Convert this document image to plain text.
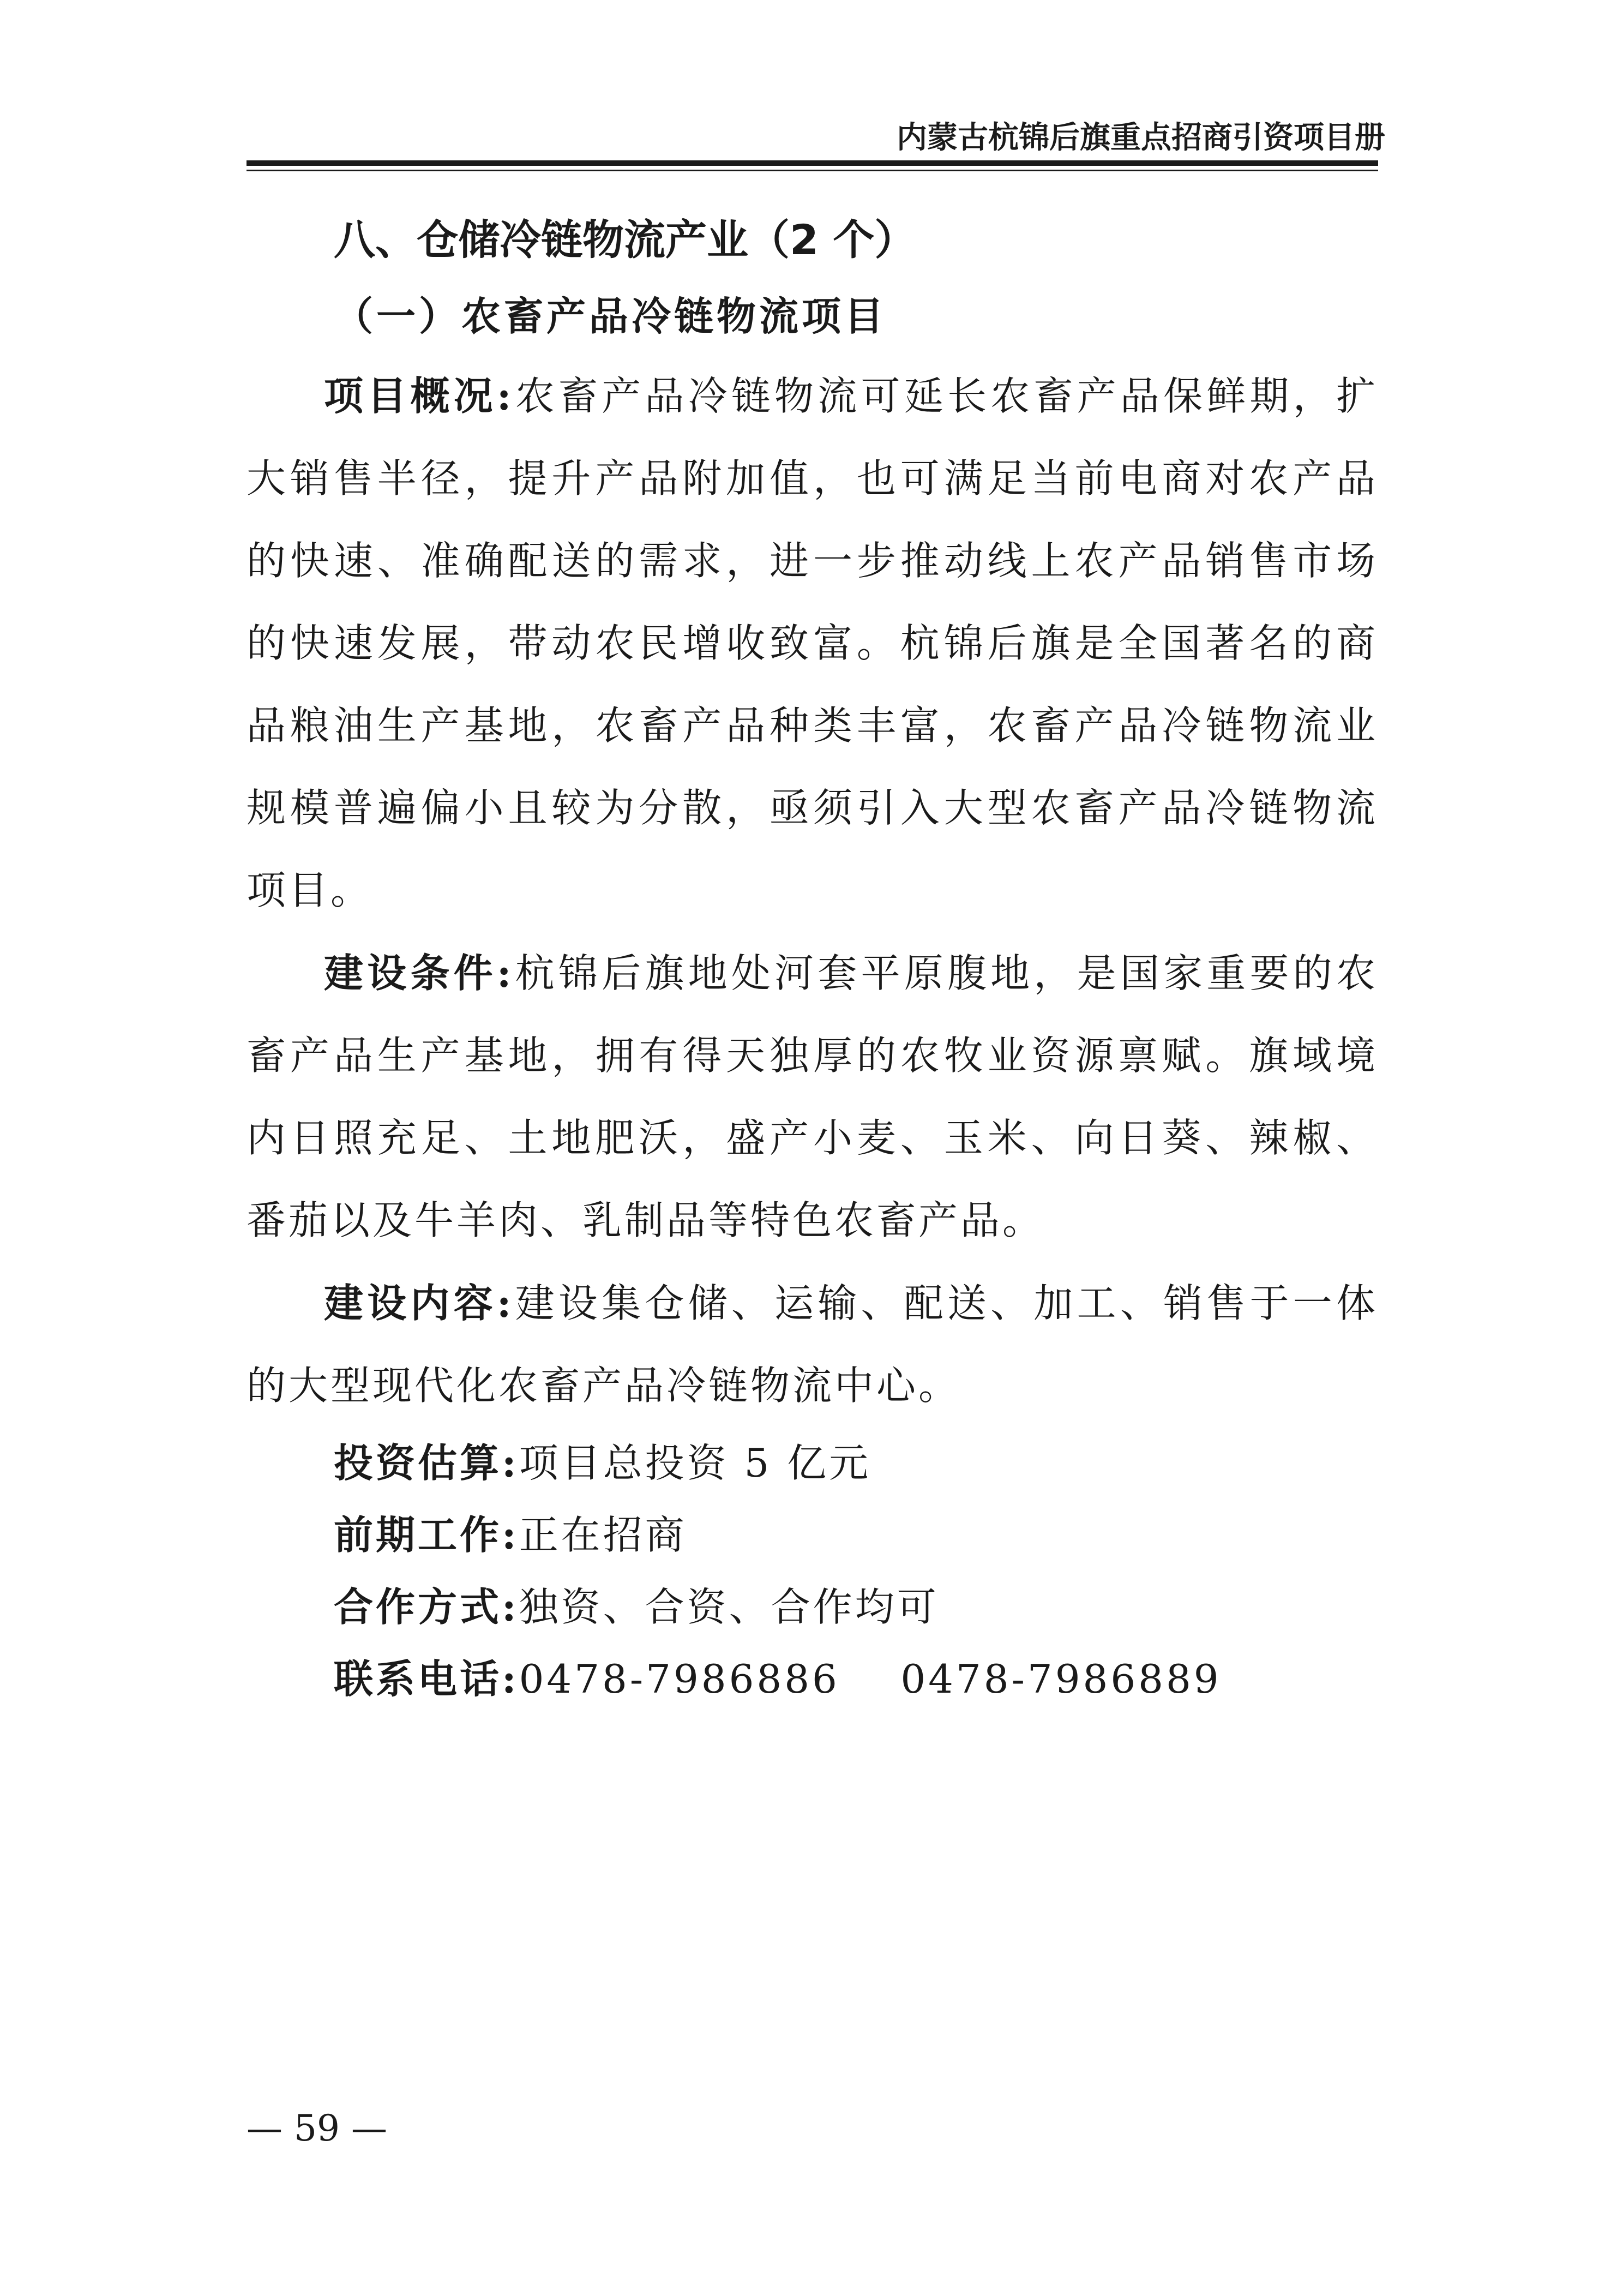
内蒙古杭锦后旗重点招商引资项目册
八、仓储冷链物流产业（2 个）
（一）农畜产品冷链物流项目

项目概况:农畜产品冷链物流可延长农畜产品保鲜期，扩大销售半径，提升产品附加值，也可满足当前电商对农产品的快速、准确配送的需求，进一步推动线上农产品销售市场的快速发展，带动农民增收致富。杭锦后旗是全国著名的商品粮油生产基地，农畜产品种类丰富，农畜产品冷链物流业规模普遍偏小且较为分散，亟须引入大型农畜产品冷链物流项目。

建设条件:杭锦后旗地处河套平原腹地，是国家重要的农畜产品生产基地，拥有得天独厚的农牧业资源禀赋。旗域境内日照充足、土地肥沃，盛产小麦、玉米、向日葵、辣椒、番茄以及牛羊肉、乳制品等特色农畜产品。

建设内容:建设集仓储、运输、配送、加工、销售于一体的大型现代化农畜产品冷链物流中心。

投资估算:项目总投资 5 亿元
前期工作:正在招商
合作方式:独资、合资、合作均可
联系电话:0478-7986886    0478-7986889
— 59 —
